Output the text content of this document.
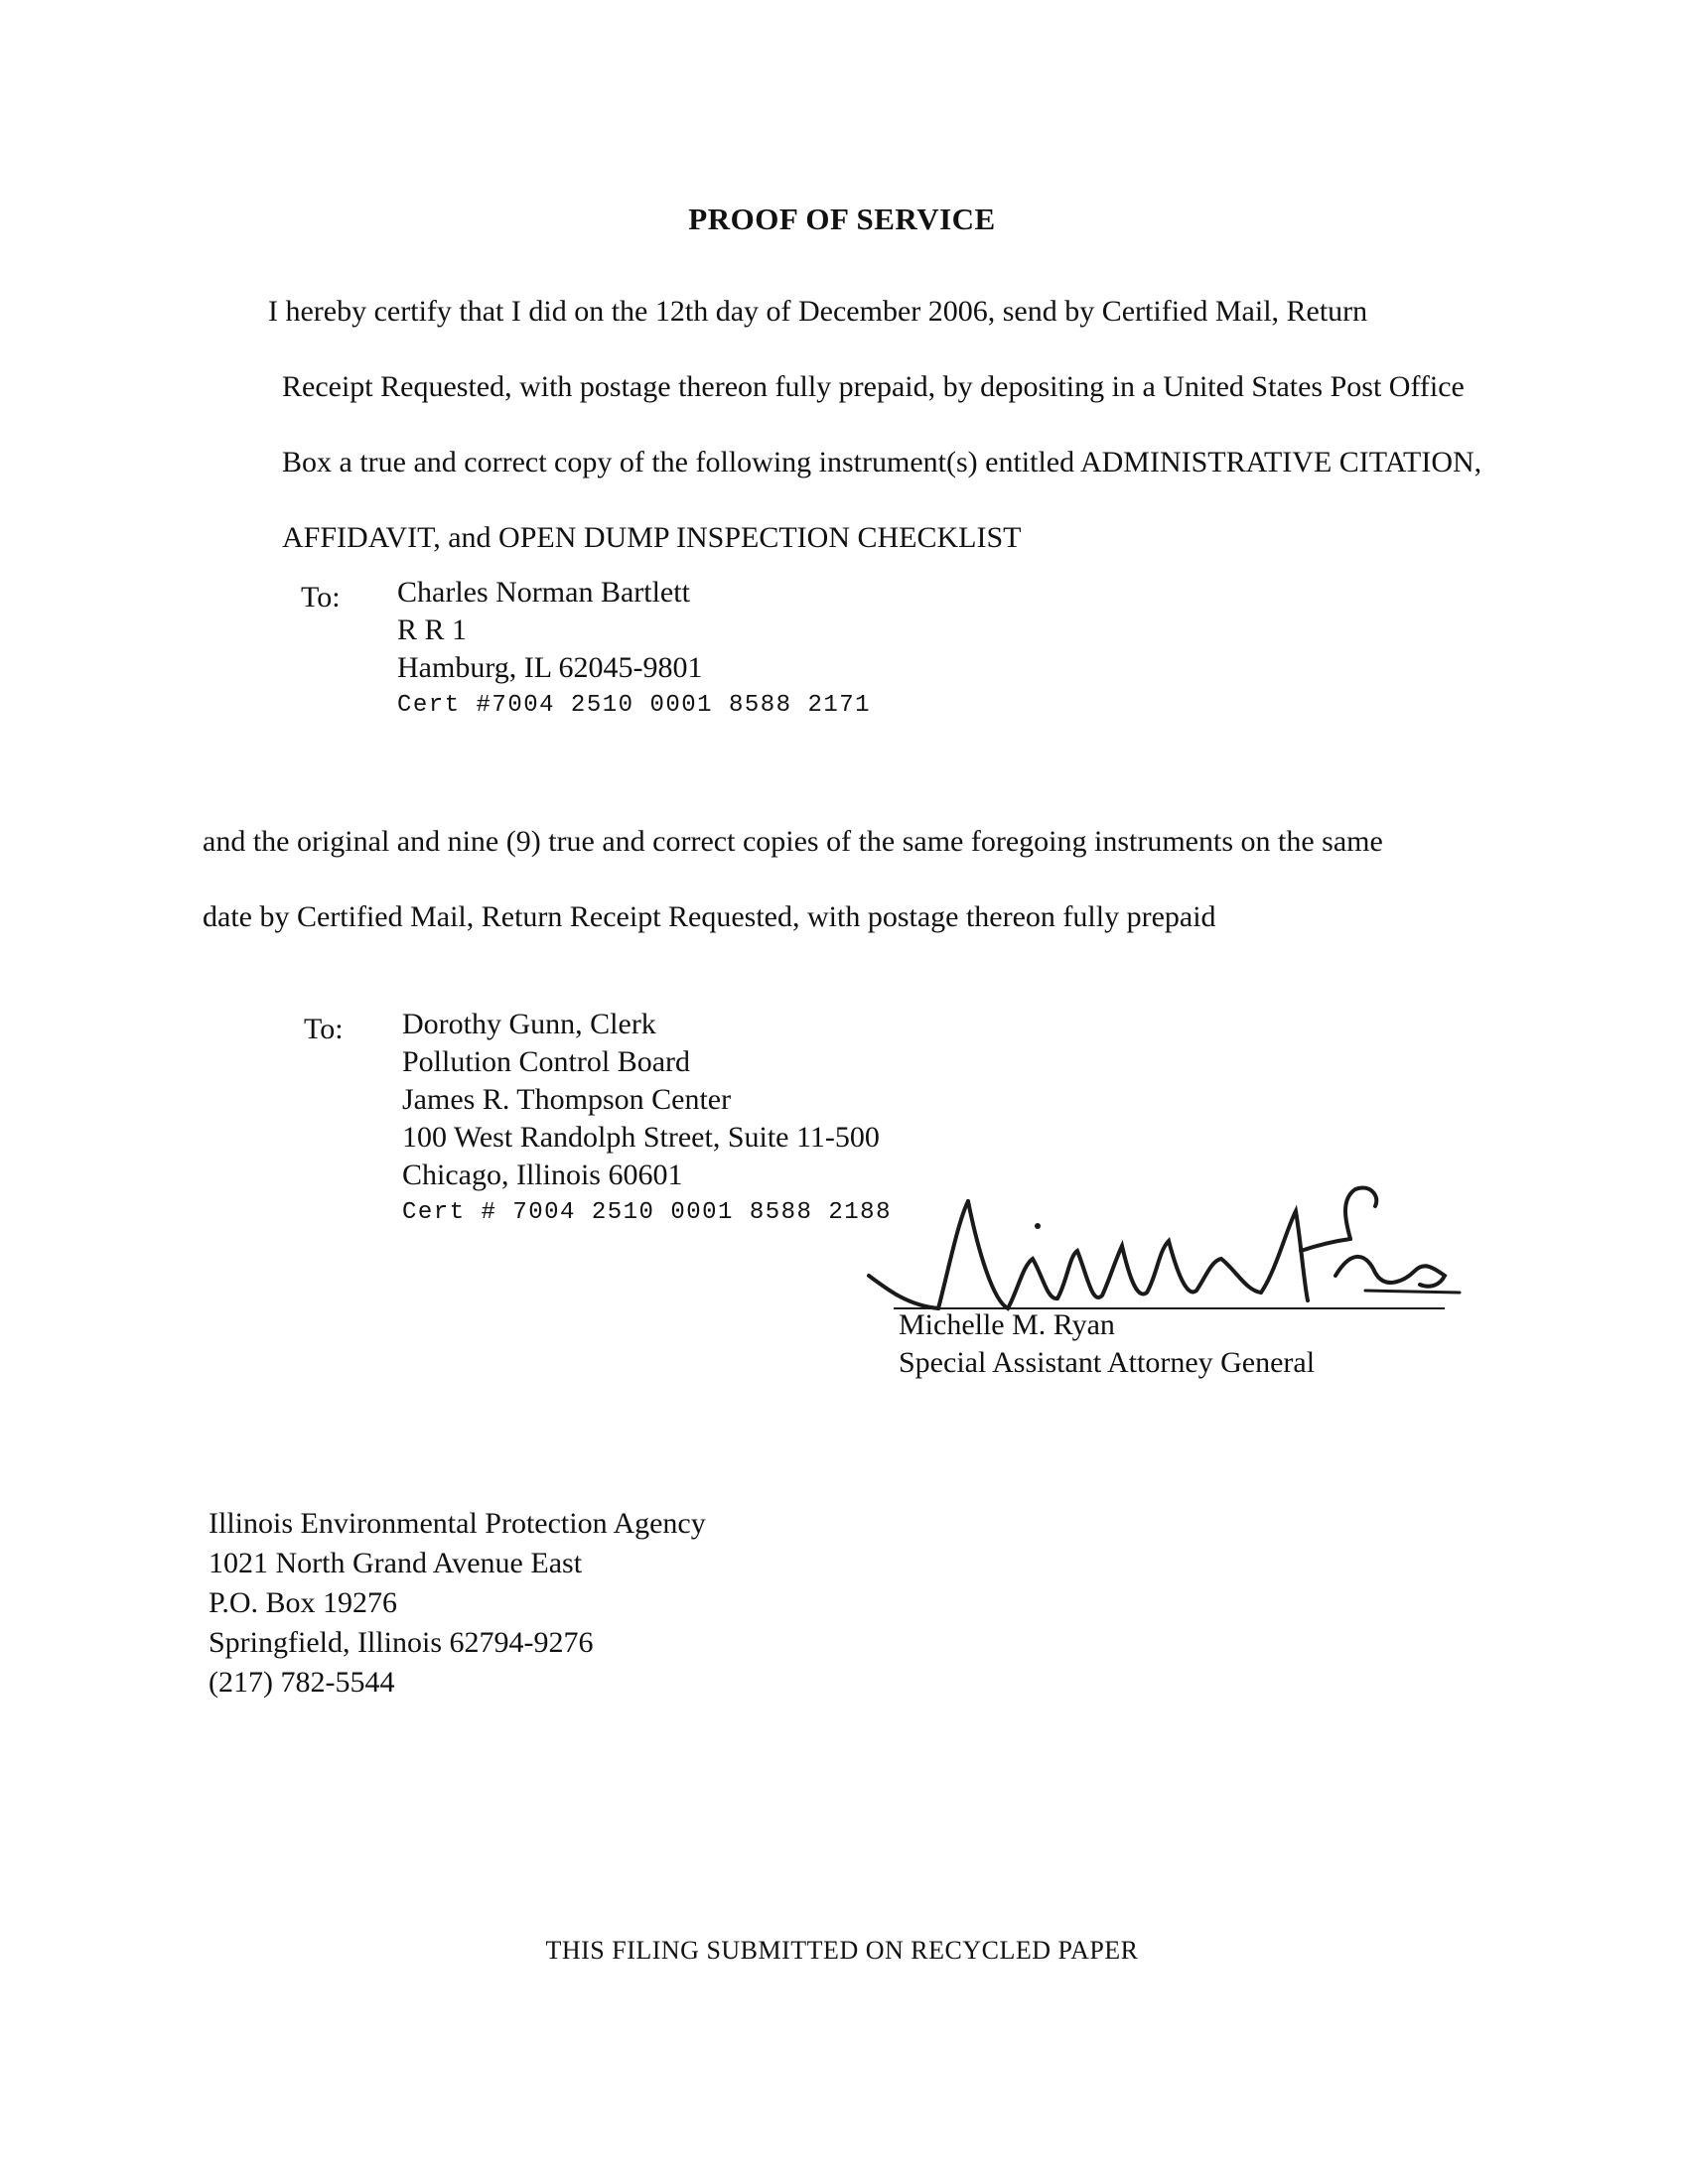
PROOF OF SERVICE
I hereby certify that I did on the 12th day of December 2006, send by Certified Mail, Return
Receipt Requested, with postage thereon fully prepaid, by depositing in a United States Post Office
Box a true and correct copy of the following instrument(s) entitled ADMINISTRATIVE CITATION,
AFFIDAVIT, and OPEN DUMP INSPECTION CHECKLIST
To: Charles Norman Bartlett
R R 1
Hamburg, IL 62045-9801
Cert #7004 2510 0001 8588 2171
and the original and nine (9) true and correct copies of the same foregoing instruments on the same
date by Certified Mail, Return Receipt Requested, with postage thereon fully prepaid
To: Dorothy Gunn, Clerk
Pollution Control Board
James R. Thompson Center
100 West Randolph Street, Suite 11-500
Chicago, Illinois 60601
Cert # 7004 2510 0001 8588 2188
Michelle M. Ryan
Special Assistant Attorney General
Illinois Environmental Protection Agency
1021 North Grand Avenue East
P.O. Box 19276
Springfield, Illinois 62794-9276
(217) 782-5544
THIS FILING SUBMITTED ON RECYCLED PAPER
